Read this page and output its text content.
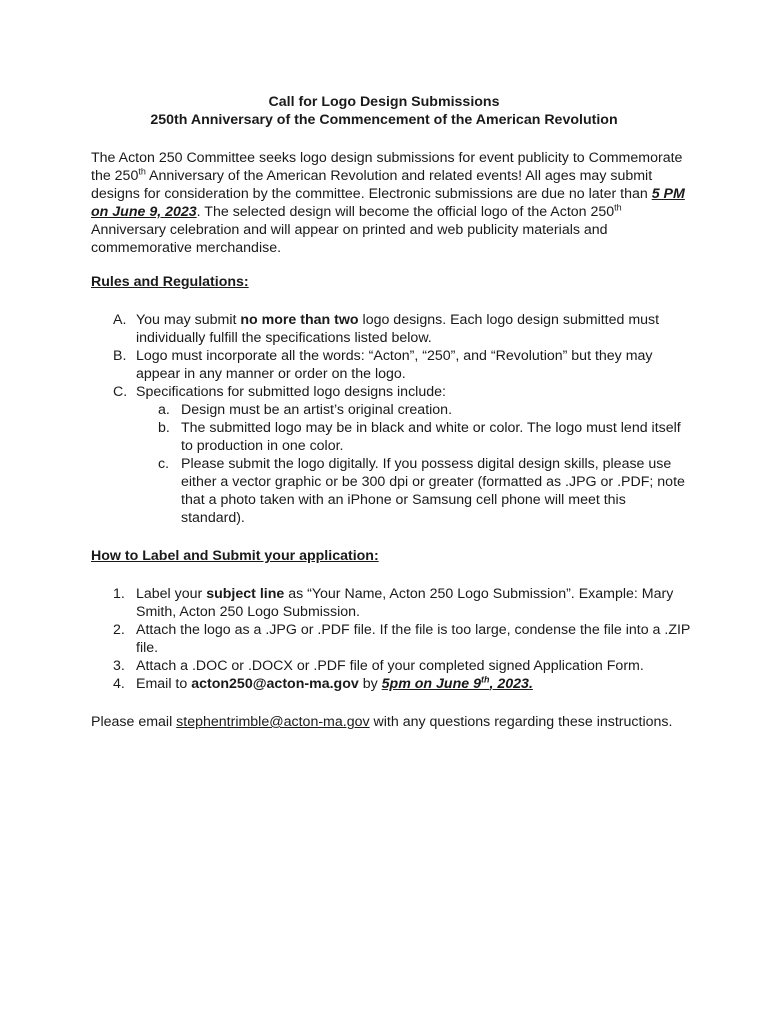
Call for Logo Design Submissions

250th Anniversary of the Commencement of the American Revolution

The Acton 250 Committee seeks logo design submissions for event publicity to Commemorate the 250th Anniversary of the American Revolution and related events! All ages may submit designs for consideration by the committee. Electronic submissions are due no later than 5 PM on June 9, 2023. The selected design will become the official logo of the Acton 250th Anniversary celebration and will appear on printed and web publicity materials and commemorative merchandise.

Rules and Regulations:

A. You may submit no more than two logo designs. Each logo design submitted must individually fulfill the specifications listed below.
B. Logo must incorporate all the words: “Acton”, “250”, and “Revolution” but they may appear in any manner or order on the logo.
C. Specifications for submitted logo designs include:
a. Design must be an artist’s original creation.
b. The submitted logo may be in black and white or color. The logo must lend itself to production in one color.
c. Please submit the logo digitally. If you possess digital design skills, please use either a vector graphic or be 300 dpi or greater (formatted as .JPG or .PDF; note that a photo taken with an iPhone or Samsung cell phone will meet this standard).

How to Label and Submit your application:

1. Label your subject line as “Your Name, Acton 250 Logo Submission”. Example: Mary Smith, Acton 250 Logo Submission.
2. Attach the logo as a .JPG or .PDF file. If the file is too large, condense the file into a .ZIP file.
3. Attach a .DOC or .DOCX or .PDF file of your completed signed Application Form.
4. Email to acton250@acton-ma.gov by 5pm on June 9th, 2023.

Please email stephentrimble@acton-ma.gov with any questions regarding these instructions.
